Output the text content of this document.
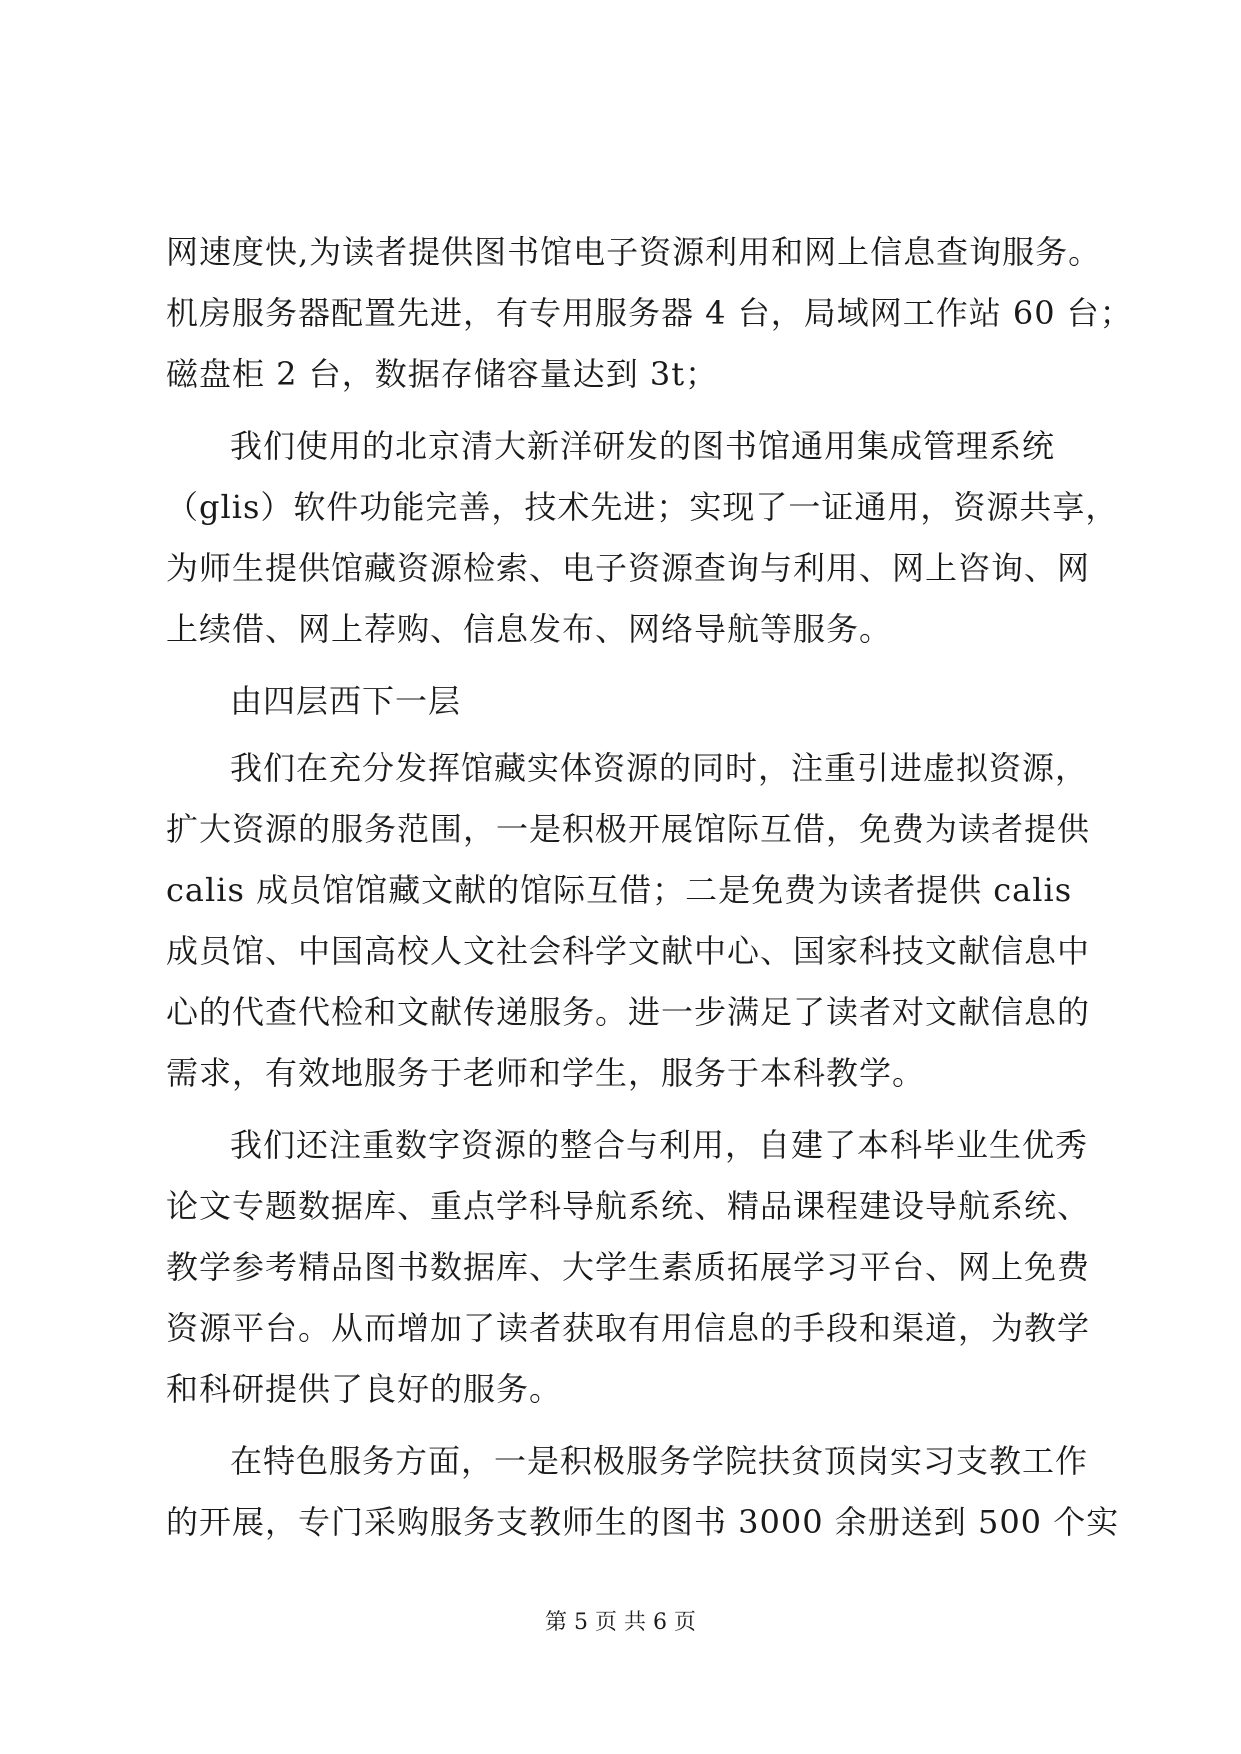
网速度快,为读者提供图书馆电子资源利用和网上信息查询服务。
机房服务器配置先进，有专用服务器 4 台，局域网工作站 60 台；
磁盘柜 2 台，数据存储容量达到 3t；
我们使用的北京清大新洋研发的图书馆通用集成管理系统
（glis）软件功能完善，技术先进；实现了一证通用，资源共享，
为师生提供馆藏资源检索、电子资源查询与利用、网上咨询、网
上续借、网上荐购、信息发布、网络导航等服务。
由四层西下一层
我们在充分发挥馆藏实体资源的同时，注重引进虚拟资源，
扩大资源的服务范围，一是积极开展馆际互借，免费为读者提供
calis 成员馆馆藏文献的馆际互借；二是免费为读者提供 calis
成员馆、中国高校人文社会科学文献中心、国家科技文献信息中
心的代查代检和文献传递服务。进一步满足了读者对文献信息的
需求，有效地服务于老师和学生，服务于本科教学。
我们还注重数字资源的整合与利用，自建了本科毕业生优秀
论文专题数据库、重点学科导航系统、精品课程建设导航系统、
教学参考精品图书数据库、大学生素质拓展学习平台、网上免费
资源平台。从而增加了读者获取有用信息的手段和渠道，为教学
和科研提供了良好的服务。
在特色服务方面，一是积极服务学院扶贫顶岗实习支教工作
的开展，专门采购服务支教师生的图书 3000 余册送到 500 个实
第 5 页 共 6 页
